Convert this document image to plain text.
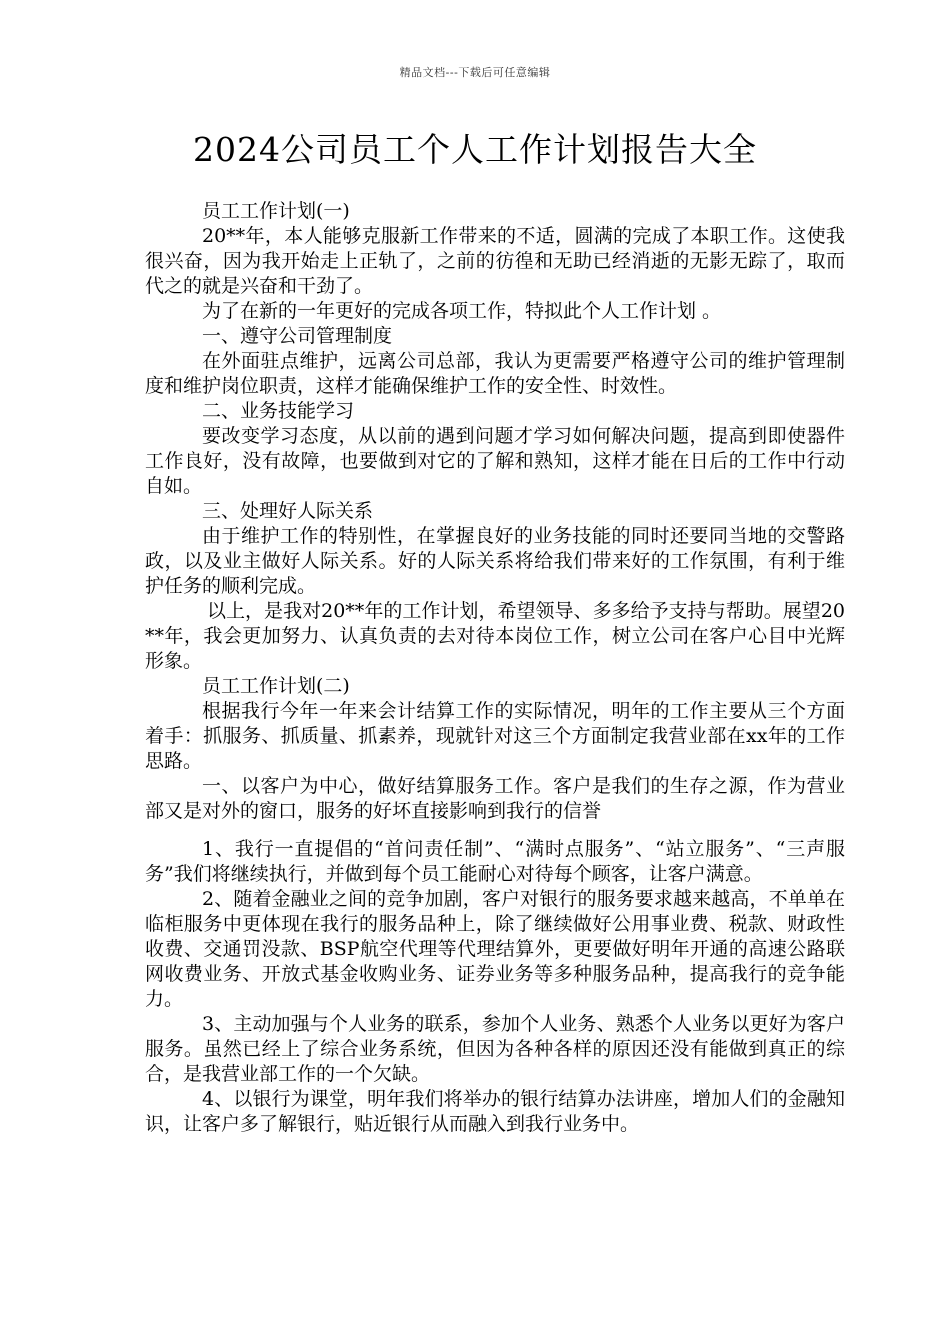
精品文档---下载后可任意编辑
2024公司员工个人工作计划报告大全

员工工作计划(一)

20**年，本人能够克服新工作带来的不适，圆满的完成了本职工作。这使我很兴奋，因为我开始走上正轨了，之前的彷徨和无助已经消逝的无影无踪了，取而代之的就是兴奋和干劲了。

为了在新的一年更好的完成各项工作，特拟此个人工作计划 。

一、遵守公司管理制度

在外面驻点维护，远离公司总部，我认为更需要严格遵守公司的维护管理制度和维护岗位职责，这样才能确保维护工作的安全性、时效性。

二、业务技能学习

要改变学习态度，从以前的遇到问题才学习如何解决问题，提高到即使器件工作良好，没有故障，也要做到对它的了解和熟知，这样才能在日后的工作中行动自如。

三、处理好人际关系

由于维护工作的特别性，在掌握良好的业务技能的同时还要同当地的交警路政，以及业主做好人际关系。好的人际关系将给我们带来好的工作氛围，有利于维护任务的顺利完成。

以上，是我对20**年的工作计划，希望领导、多多给予支持与帮助。展望20**年，我会更加努力、认真负责的去对待本岗位工作，树立公司在客户心目中光辉形象。

员工工作计划(二)

根据我行今年一年来会计结算工作的实际情况，明年的工作主要从三个方面着手：抓服务、抓质量、抓素养，现就针对这三个方面制定我营业部在xx年的工作思路。

一、以客户为中心，做好结算服务工作。客户是我们的生存之源，作为营业部又是对外的窗口，服务的好坏直接影响到我行的信誉

1、我行一直提倡的“首问责任制”、“满时点服务”、“站立服务”、“三声服务”我们将继续执行，并做到每个员工能耐心对待每个顾客，让客户满意。

2、随着金融业之间的竞争加剧，客户对银行的服务要求越来越高，不单单在临柜服务中更体现在我行的服务品种上，除了继续做好公用事业费、税款、财政性收费、交通罚没款、BSP航空代理等代理结算外，更要做好明年开通的高速公路联网收费业务、开放式基金收购业务、证券业务等多种服务品种，提高我行的竞争能力。

3、主动加强与个人业务的联系，参加个人业务、熟悉个人业务以更好为客户服务。虽然已经上了综合业务系统，但因为各种各样的原因还没有能做到真正的综合，是我营业部工作的一个欠缺。

4、以银行为课堂，明年我们将举办的银行结算办法讲座，增加人们的金融知识，让客户多了解银行，贴近银行从而融入到我行业务中。
